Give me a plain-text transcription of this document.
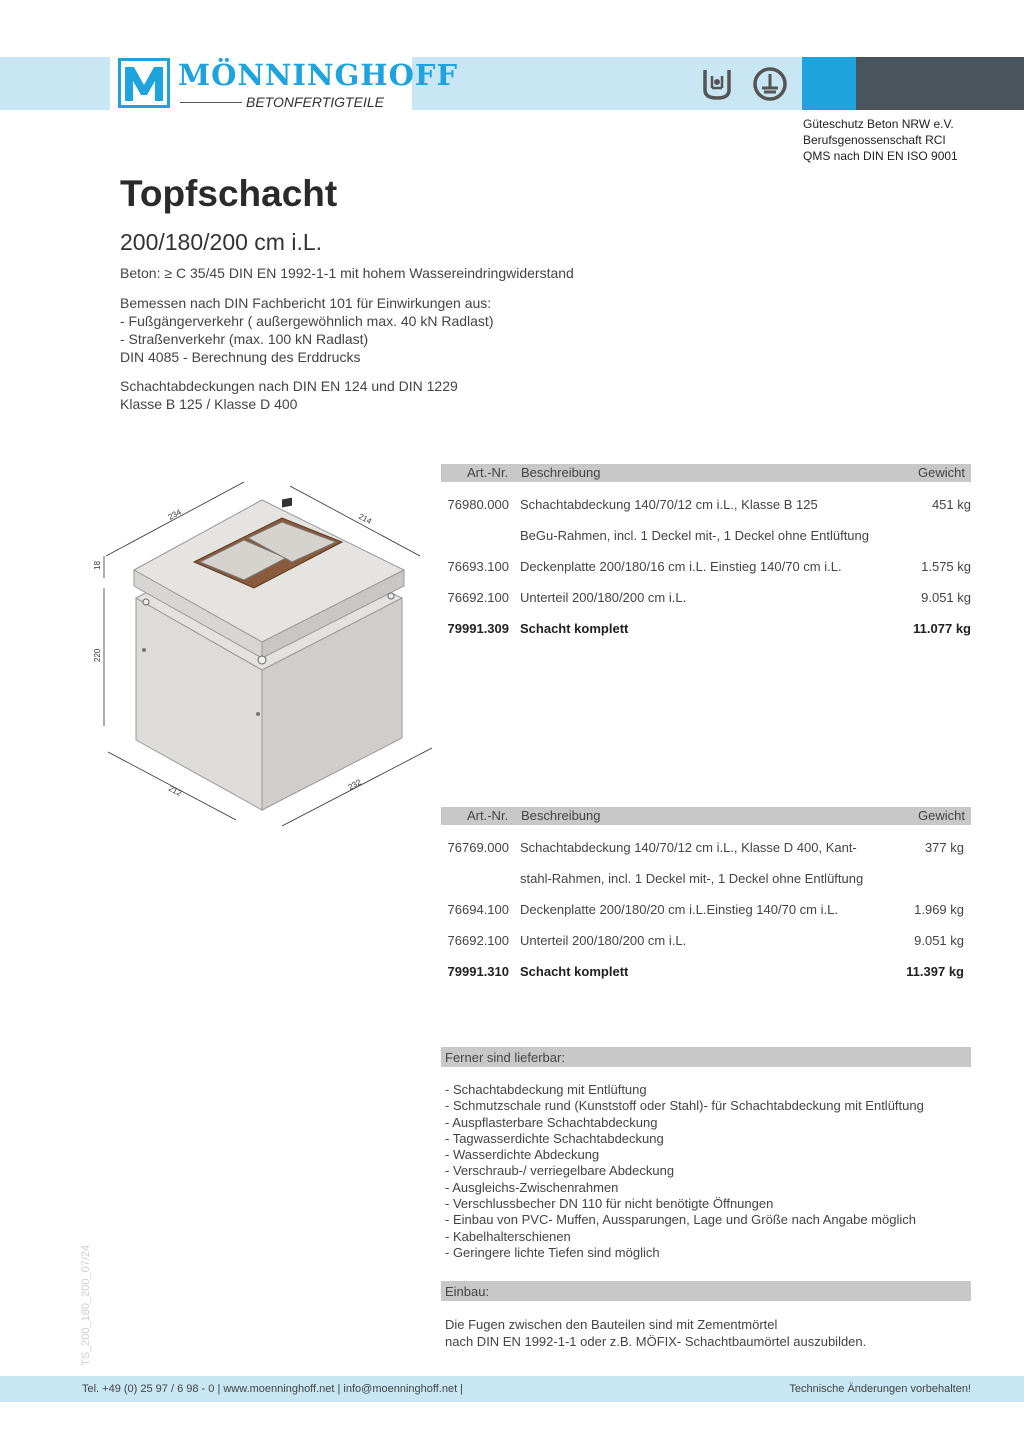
MÖNNINGHOFF
BETONFERTIGTEILE
Güteschutz Beton NRW e.V.
Berufsgenossenschaft RCI
QMS nach DIN EN ISO 9001
Topfschacht
200/180/200 cm i.L.
Beton: ≥ C 35/45 DIN EN 1992-1-1 mit hohem Wassereindringwiderstand
Bemessen nach DIN Fachbericht 101 für Einwirkungen aus:
- Fußgängerverkehr ( außergewöhnlich max. 40 kN Radlast)
- Straßenverkehr (max. 100 kN Radlast)
DIN 4085 - Berechnung des Erddrucks
Schachtabdeckungen nach DIN EN 124 und DIN 1229
Klasse B 125 / Klasse D 400
234	214
18
220
212	232
Art.-Nr. Beschreibung	Gewicht
76980.000 Schachtabdeckung 140/70/12 cm i.L., Klasse B 125	451 kg
BeGu-Rahmen, incl. 1 Deckel mit-, 1 Deckel ohne Entlüftung
76693.100 Deckenplatte 200/180/16 cm i.L. Einstieg 140/70 cm i.L.	1.575 kg
76692.100 Unterteil 200/180/200 cm i.L.	9.051 kg
79991.309 Schacht komplett	11.077 kg
Art.-Nr. Beschreibung	Gewicht
76769.000 Schachtabdeckung 140/70/12 cm i.L., Klasse D 400, Kant-	377 kg
stahl-Rahmen, incl. 1 Deckel mit-, 1 Deckel ohne Entlüftung
76694.100 Deckenplatte 200/180/20 cm i.L.Einstieg 140/70 cm i.L.	1.969 kg
76692.100 Unterteil 200/180/200 cm i.L.	9.051 kg
79991.310 Schacht komplett	11.397 kg
Ferner sind lieferbar:
- Schachtabdeckung mit Entlüftung
- Schmutzschale rund (Kunststoff oder Stahl)- für Schachtabdeckung mit Entlüftung
- Auspflasterbare Schachtabdeckung
- Tagwasserdichte Schachtabdeckung
- Wasserdichte Abdeckung
- Verschraub-/ verriegelbare Abdeckung
- Ausgleichs-Zwischenrahmen
- Verschlussbecher DN 110 für nicht benötigte Öffnungen
- Einbau von PVC- Muffen, Aussparungen, Lage und Größe nach Angabe möglich
- Kabelhalterschienen
- Geringere lichte Tiefen sind möglich
Einbau:
Die Fugen zwischen den Bauteilen sind mit Zementmörtel
nach DIN EN 1992-1-1 oder z.B. MÖFIX- Schachtbaumörtel auszubilden.
TS_200_180_200_07/24
Tel. +49 (0) 25 97 / 6 98 - 0 | www.moenninghoff.net | info@moenninghoff.net |	Technische Änderungen vorbehalten!
